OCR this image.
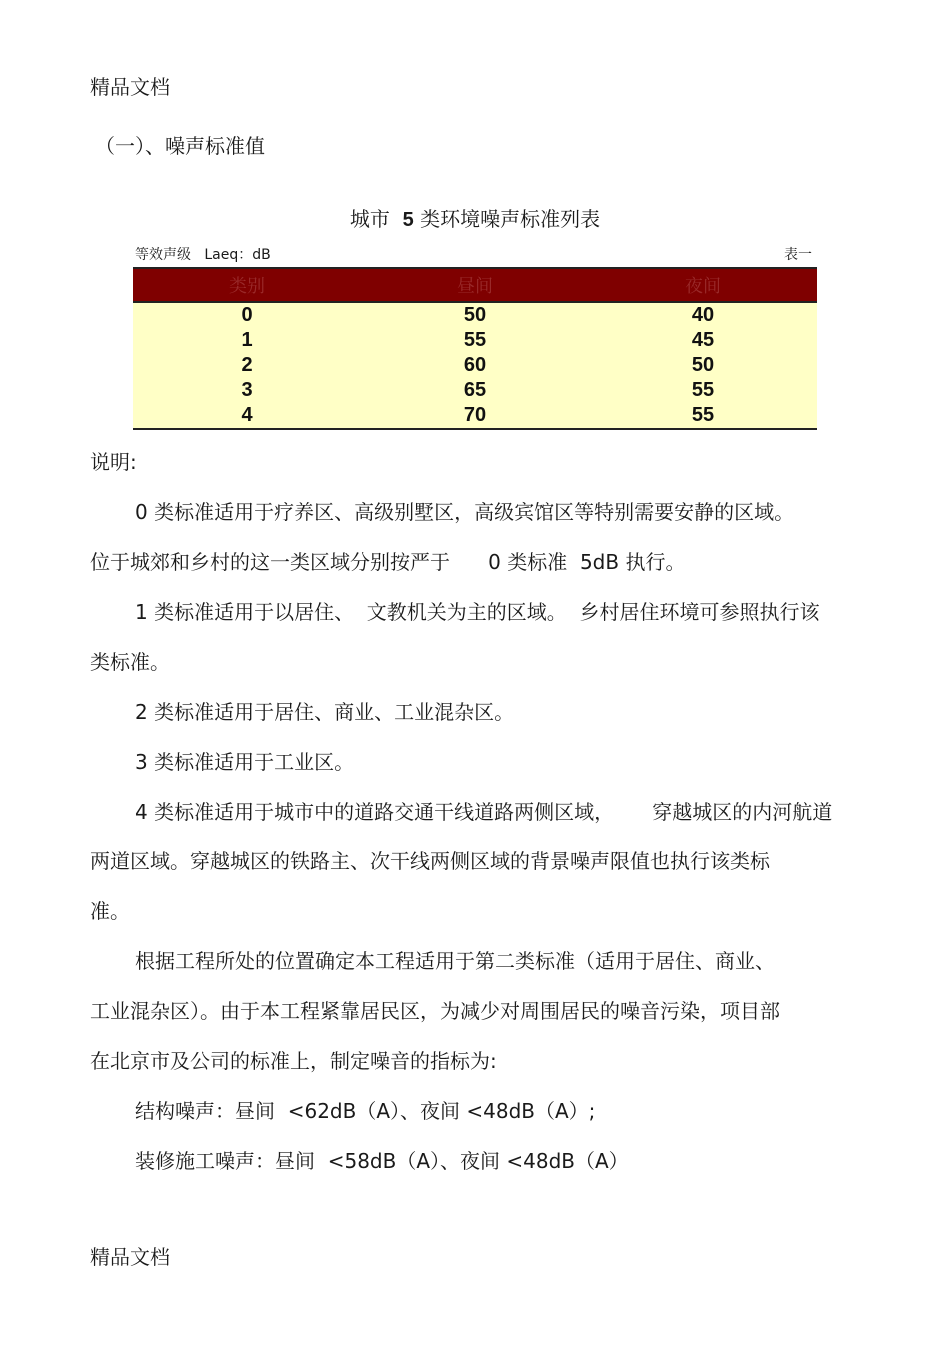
精品文档
（一）、噪声标准值
城市 5 类环境噪声标准列表
等效声级   Laeq：dB	表一
类别	昼间	夜间
0	50	40
1	55	45
2	60	50
3	65	55
4	70	55
说明:
0 类标准适用于疗养区、高级别墅区，高级宾馆区等特别需要安静的区域。
位于城郊和乡村的这一类区域分别按严于      0 类标准  5dB 执行。
1 类标准适用于以居住、  文教机关为主的区域。  乡村居住环境可参照执行该
类标准。
2 类标准适用于居住、商业、工业混杂区。
3 类标准适用于工业区。
4 类标准适用于城市中的道路交通干线道路两侧区域，      穿越城区的内河航道
两道区域。穿越城区的铁路主、次干线两侧区域的背景噪声限值也执行该类标
准。
根据工程所处的位置确定本工程适用于第二类标准（适用于居住、商业、
工业混杂区）。由于本工程紧靠居民区，为减少对周围居民的噪音污染，项目部
在北京市及公司的标准上，制定噪音的指标为:
结构噪声：昼间  <62dB（A）、夜间 <48dB（A）;
装修施工噪声：昼间  <58dB（A）、夜间 <48dB（A）
精品文档
